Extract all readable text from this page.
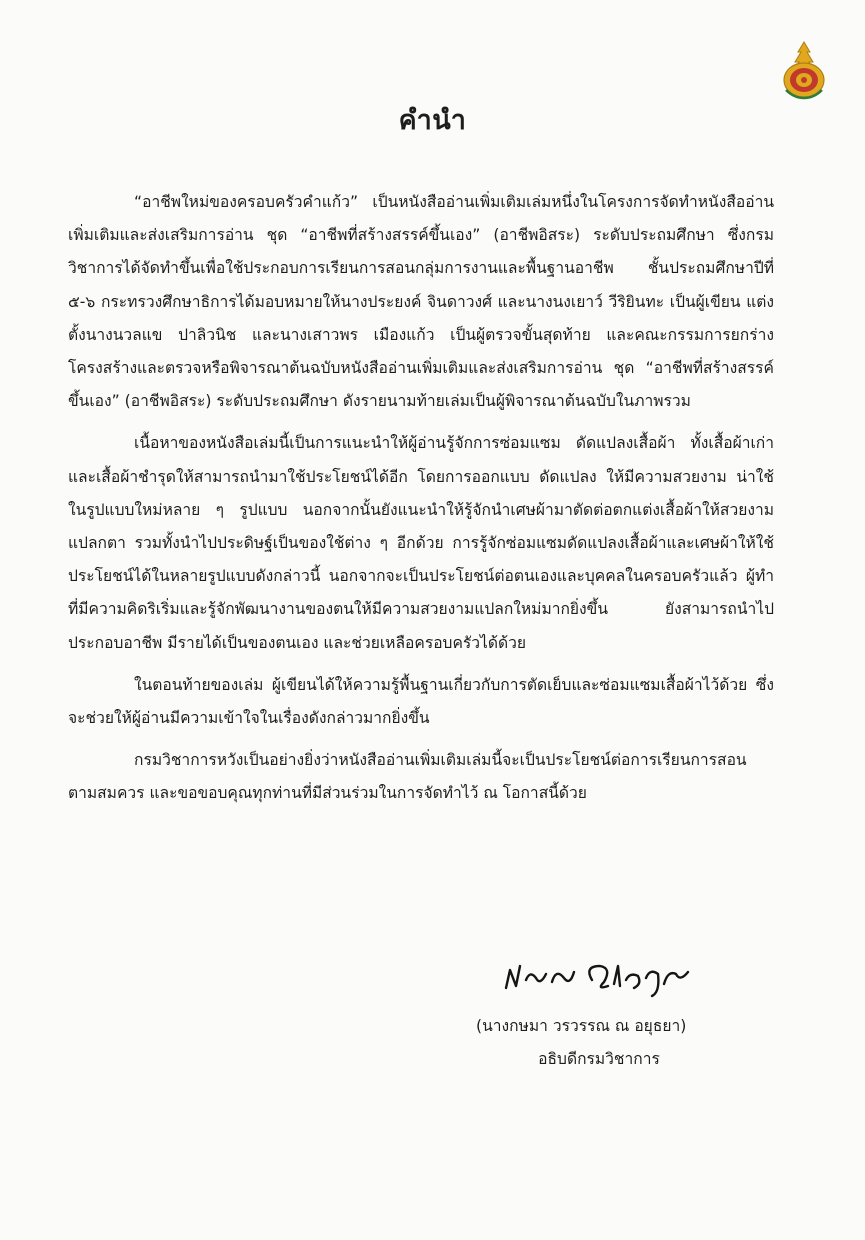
คำนำ

“อาชีพใหม่ของครอบครัวคำแก้ว” เป็นหนังสืออ่านเพิ่มเติมเล่มหนึ่งในโครงการจัดทำหนังสืออ่านเพิ่มเติมและส่งเสริมการอ่าน ชุด “อาชีพที่สร้างสรรค์ขึ้นเอง” (อาชีพอิสระ) ระดับประถมศึกษา ซึ่งกรมวิชาการได้จัดทำขึ้นเพื่อใช้ประกอบการเรียนการสอนกลุ่มการงานและพื้นฐานอาชีพ ชั้นประถมศึกษาปีที่ ๕-๖ กระทรวงศึกษาธิการได้มอบหมายให้นางประยงค์ จินดาวงศ์ และนางนงเยาว์ วีริยินทะ เป็นผู้เขียน แต่งตั้งนางนวลแข ปาลิวนิช และนางเสาวพร เมืองแก้ว เป็นผู้ตรวจขั้นสุดท้าย และคณะกรรมการยกร่างโครงสร้างและตรวจหรือพิจารณาต้นฉบับหนังสืออ่านเพิ่มเติมและส่งเสริมการอ่าน ชุด “อาชีพที่สร้างสรรค์ขึ้นเอง” (อาชีพอิสระ) ระดับประถมศึกษา ดังรายนามท้ายเล่มเป็นผู้พิจารณาต้นฉบับในภาพรวม

เนื้อหาของหนังสือเล่มนี้เป็นการแนะนำให้ผู้อ่านรู้จักการซ่อมแซม ดัดแปลงเสื้อผ้า ทั้งเสื้อผ้าเก่าและเสื้อผ้าชำรุดให้สามารถนำมาใช้ประโยชน์ได้อีก โดยการออกแบบ ดัดแปลง ให้มีความสวยงาม น่าใช้ ในรูปแบบใหม่หลาย ๆ รูปแบบ นอกจากนั้นยังแนะนำให้รู้จักนำเศษผ้ามาตัดต่อตกแต่งเสื้อผ้าให้สวยงาม แปลกตา รวมทั้งนำไปประดิษฐ์เป็นของใช้ต่าง ๆ อีกด้วย การรู้จักซ่อมแซมดัดแปลงเสื้อผ้าและเศษผ้าให้ใช้ประโยชน์ได้ในหลายรูปแบบดังกล่าวนี้ นอกจากจะเป็นประโยชน์ต่อตนเองและบุคคลในครอบครัวแล้ว ผู้ทำที่มีความคิดริเริ่มและรู้จักพัฒนางานของตนให้มีความสวยงามแปลกใหม่มากยิ่งขึ้น ยังสามารถนำไปประกอบอาชีพ มีรายได้เป็นของตนเอง และช่วยเหลือครอบครัวได้ด้วย

ในตอนท้ายของเล่ม ผู้เขียนได้ให้ความรู้พื้นฐานเกี่ยวกับการตัดเย็บและซ่อมแซมเสื้อผ้าไว้ด้วย ซึ่งจะช่วยให้ผู้อ่านมีความเข้าใจในเรื่องดังกล่าวมากยิ่งขึ้น

กรมวิชาการหวังเป็นอย่างยิ่งว่าหนังสืออ่านเพิ่มเติมเล่มนี้จะเป็นประโยชน์ต่อการเรียนการสอนตามสมควร และขอขอบคุณทุกท่านที่มีส่วนร่วมในการจัดทำไว้ ณ โอกาสนี้ด้วย

(นางกษมา วรวรรณ ณ อยุธยา)
อธิบดีกรมวิชาการ
